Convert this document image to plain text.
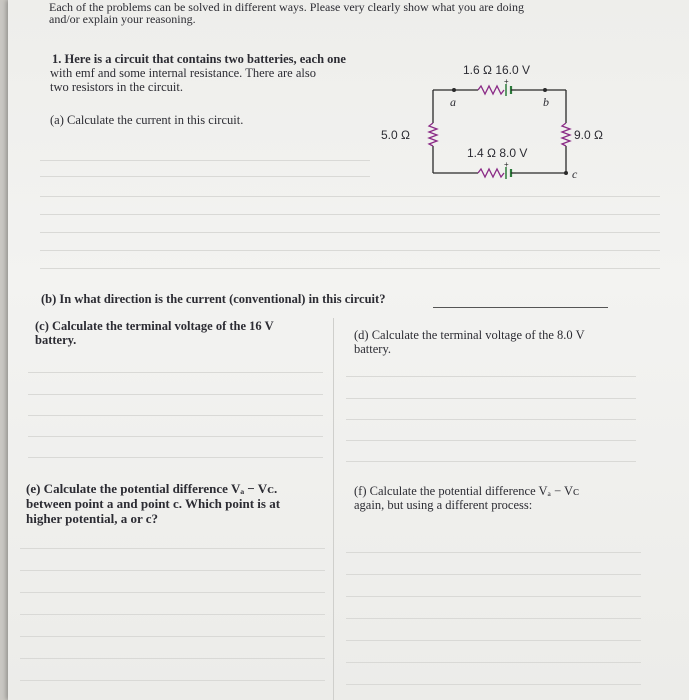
Each of the problems can be solved in different ways. Please very clearly show what you are doing
and/or explain your reasoning.
1. Here is a circuit that contains two batteries, each one
with emf and some internal resistance. There are also
two resistors in the circuit.
(a) Calculate the current in this circuit.
+
+
1.6 Ω 16.0 V
1.4 Ω 8.0 V
5.0 Ω	9.0 Ω
a	b
c
(b) In what direction is the current (conventional) in this circuit?
(c) Calculate the terminal voltage of the 16 V
battery.	(d) Calculate the terminal voltage of the 8.0 V
battery.
(e) Calculate the potential difference Vₐ − Vᴄ.
between point a and point c. Which point is at
higher potential, a or c?
(f) Calculate the potential difference Vₐ − Vᴄ
again, but using a different process:
